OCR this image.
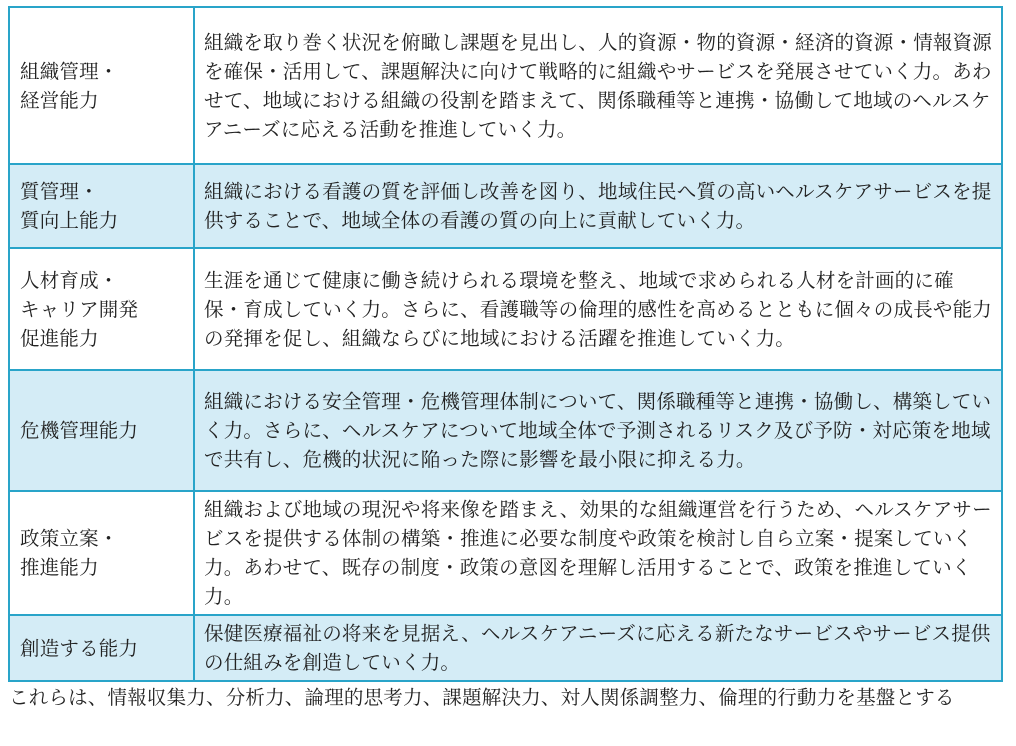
組織管理・
経営能力	組織を取り巻く状況を俯瞰し課題を見出し、人的資源・物的資源・経済的資源・情報資源を確保・活用して、課題解決に向けて戦略的に組織やサービスを発展させていく力。あわせて、地域における組織の役割を踏まえて、関係職種等と連携・協働して地域のヘルスケアニーズに応える活動を推進していく力。
質管理・
質向上能力	組織における看護の質を評価し改善を図り、地域住民へ質の高いヘルスケアサービスを提供することで、地域全体の看護の質の向上に貢献していく力。
人材育成・
キャリア開発
促進能力	生涯を通じて健康に働き続けられる環境を整え、地域で求められる人材を計画的に確保・育成していく力。さらに、看護職等の倫理的感性を高めるとともに個々の成長や能力の発揮を促し、組織ならびに地域における活躍を推進していく力。
危機管理能力	組織における安全管理・危機管理体制について、関係職種等と連携・協働し、構築していく力。さらに、ヘルスケアについて地域全体で予測されるリスク及び予防・対応策を地域で共有し、危機的状況に陥った際に影響を最小限に抑える力。
政策立案・
推進能力	組織および地域の現況や将来像を踏まえ、効果的な組織運営を行うため、ヘルスケアサービスを提供する体制の構築・推進に必要な制度や政策を検討し自ら立案・提案していく力。あわせて、既存の制度・政策の意図を理解し活用することで、政策を推進していく力。
創造する能力	保健医療福祉の将来を見据え、ヘルスケアニーズに応える新たなサービスやサービス提供の仕組みを創造していく力。
これらは、情報収集力、分析力、論理的思考力、課題解決力、対人関係調整力、倫理的行動力を基盤とする
